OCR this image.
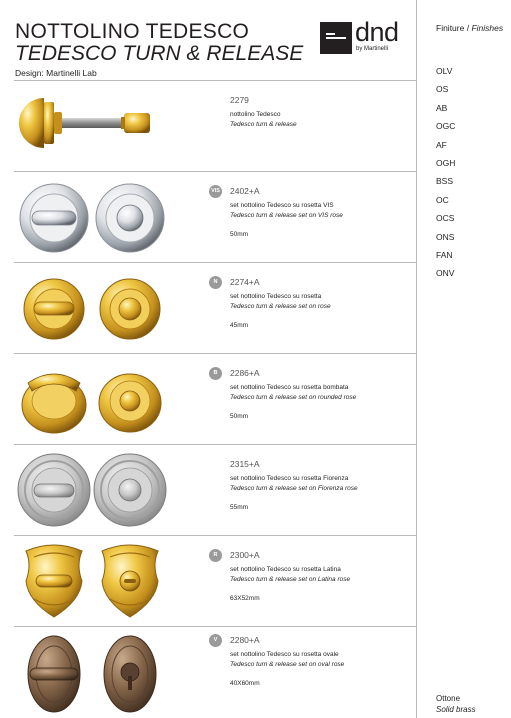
NOTTOLINO TEDESCO
TEDESCO TURN & RELEASE
Design: Martinelli Lab
dnd
by Martinelli
Finiture / Finishes
OLV
OS
AB
OGC
AF
OGH
BSS
OC
OCS
ONS
FAN
ONV
Ottone
Solid brass
2279
nottolino Tedesco
Tedesco turn & release
VIS 2402+A
set nottolino Tedesco su rosetta VIS
Tedesco turn & release set on VIS rose
50mm
N	2274+A
set nottolino Tedesco su rosetta
Tedesco turn & release set on rose
45mm
B	2286+A
set nottolino Tedesco su rosetta bombata
Tedesco turn & release set on rounded rose
50mm
2315+A
set nottolino Tedesco su rosetta Fiorenza
Tedesco turn & release set on Fiorenza rose
55mm
R	2300+A
set nottolino Tedesco su rosetta Latina
Tedesco turn & release set on Latina rose
63X52mm
V	2280+A
set nottolino Tedesco su rosetta ovale
Tedesco turn & release set on oval rose
40X60mm
